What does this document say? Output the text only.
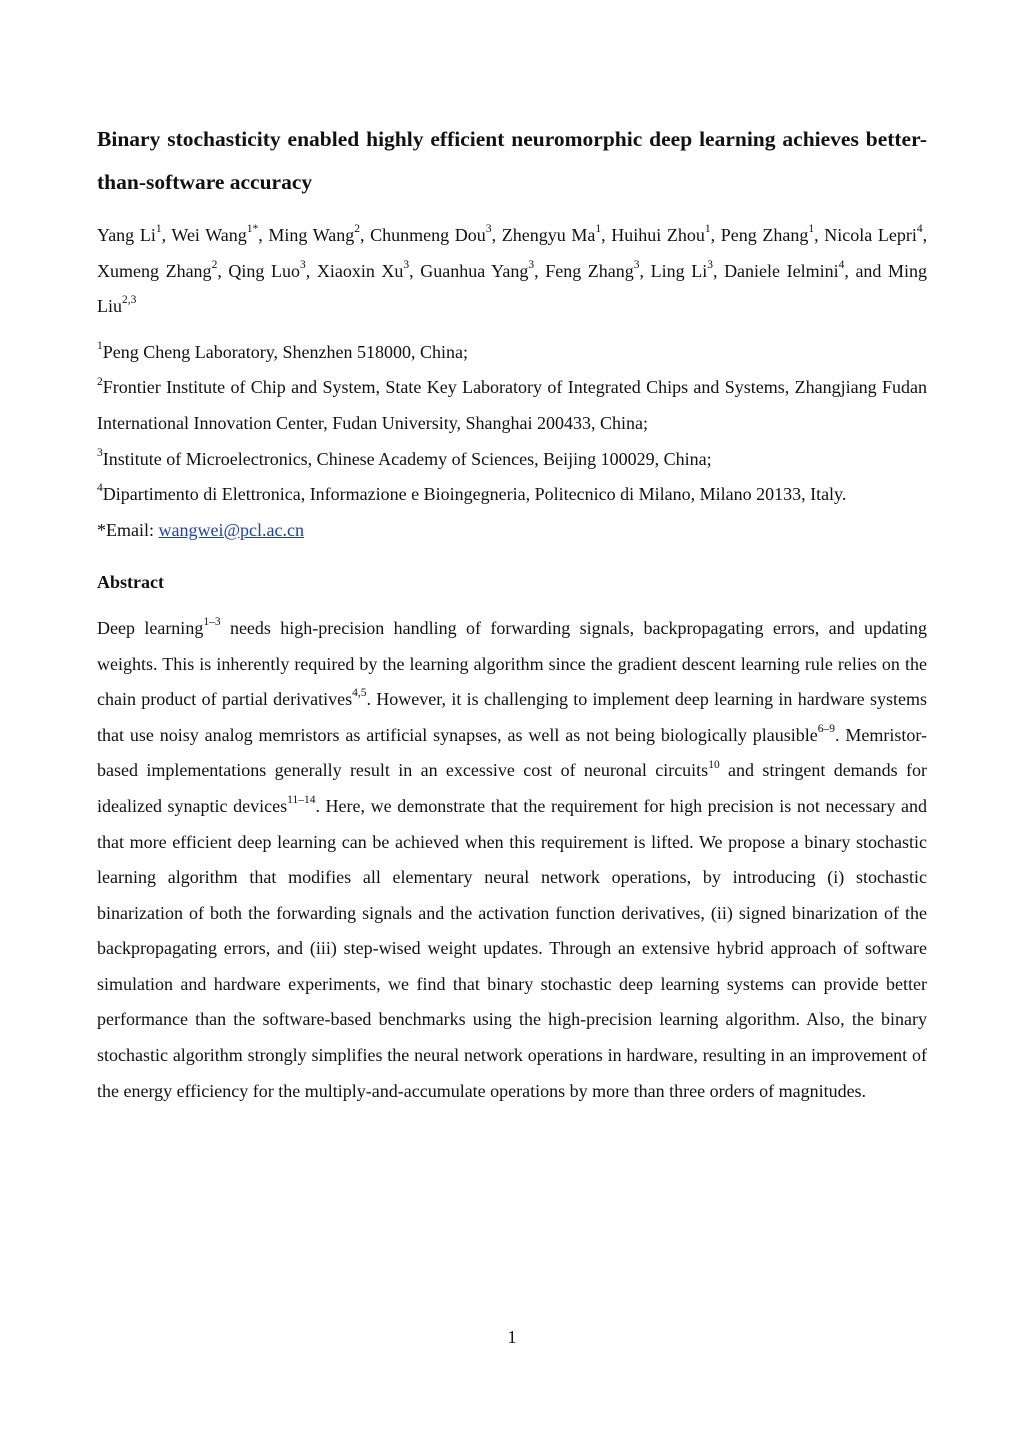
Binary stochasticity enabled highly efficient neuromorphic deep learning achieves better-than-software accuracy

Yang Li$^1$, Wei Wang$^{1*}$, Ming Wang$^2$, Chunmeng Dou$^3$, Zhengyu Ma$^1$, Huihui Zhou$^1$, Peng Zhang$^1$, Nicola Lepri$^4$, Xumeng Zhang$^2$, Qing Luo$^3$, Xiaoxin Xu$^3$, Guanhua Yang$^3$, Feng Zhang$^3$, Ling Li$^3$, Daniele Ielmini$^4$, and Ming Liu$^{2,3}$

$^1$Peng Cheng Laboratory, Shenzhen 518000, China;

$^2$Frontier Institute of Chip and System, State Key Laboratory of Integrated Chips and Systems, Zhangjiang Fudan International Innovation Center, Fudan University, Shanghai 200433, China;

$^3$Institute of Microelectronics, Chinese Academy of Sciences, Beijing 100029, China;

$^4$Dipartimento di Elettronica, Informazione e Bioingegneria, Politecnico di Milano, Milano 20133, Italy.

*Email: wangwei@pcl.ac.cn

Abstract

Deep learning$^{1-3}$ needs high-precision handling of forwarding signals, backpropagating errors, and updating weights. This is inherently required by the learning algorithm since the gradient descent learning rule relies on the chain product of partial derivatives$^{4,5}$. However, it is challenging to implement deep learning in hardware systems that use noisy analog memristors as artificial synapses, as well as not being biologically plausible$^{6-9}$. Memristor-based implementations generally result in an excessive cost of neuronal circuits$^{10}$ and stringent demands for idealized synaptic devices$^{11-14}$. Here, we demonstrate that the requirement for high precision is not necessary and that more efficient deep learning can be achieved when this requirement is lifted. We propose a binary stochastic learning algorithm that modifies all elementary neural network operations, by introducing (i) stochastic binarization of both the forwarding signals and the activation function derivatives, (ii) signed binarization of the backpropagating errors, and (iii) step-wised weight updates. Through an extensive hybrid approach of software simulation and hardware experiments, we find that binary stochastic deep learning systems can provide better performance than the software-based benchmarks using the high-precision learning algorithm. Also, the binary stochastic algorithm strongly simplifies the neural network operations in hardware, resulting in an improvement of the energy efficiency for the multiply-and-accumulate operations by more than three orders of magnitudes.

1
